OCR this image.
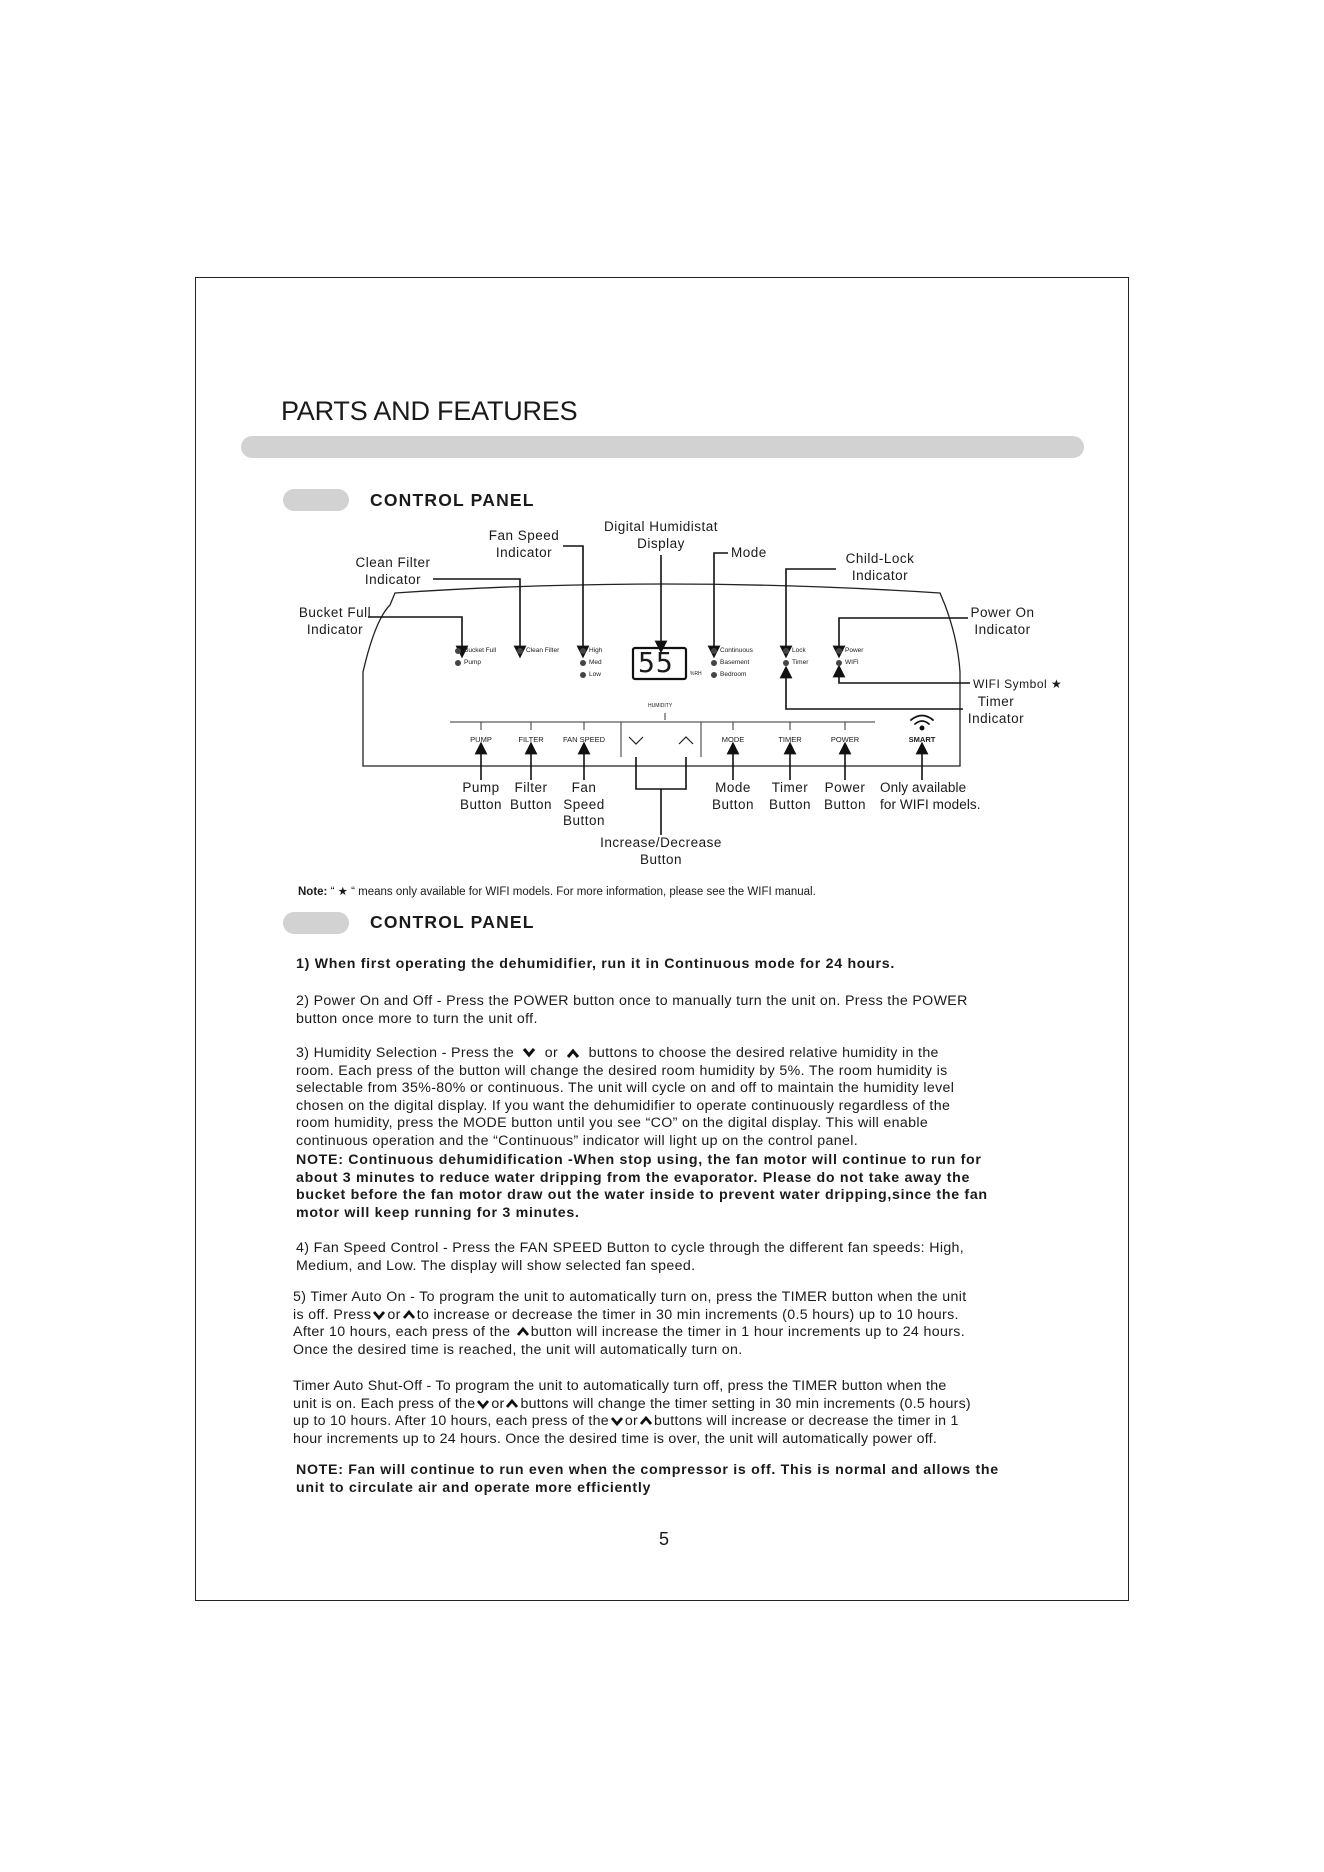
PARTS AND FEATURES
CONTROL PANEL
55	%RH
HUMIDITY
Bucket Full
Pump
Clean Filter	High
Med
Low
Continuous
Basement
Bedroom
Lock
Timer
Power
WIFI
PUMP	FILTER	FAN SPEED	MODE	TIMER	POWER	SMART
Bucket Full
Indicator
Clean Filter
Indicator
Fan Speed
Indicator
Digital Humidistat
Display
Mode	Child-Lock
Indicator
Power On
Indicator
WIFI Symbol ★
Timer
Indicator
Pump
Button
Filter
Button
Fan
Speed
Button
Mode
Button
Timer
Button
Power
Button
Only available
for WIFI models.
Increase/Decrease
Button
Note: “ ★ “ means only available for WIFI models. For more information, please see the WIFI manual.
CONTROL PANEL
1) When first operating the dehumidifier, run it in Continuous mode for 24 hours.
2) Power On and Off - Press the POWER button once to manually turn the unit on. Press the POWER
button once more to turn the unit off.
3) Humidity Selection - Press the or buttons to choose the desired relative humidity in the
room. Each press of the button will change the desired room humidity by 5%. The room humidity is
selectable from 35%-80% or continuous. The unit will cycle on and off to maintain the humidity level
chosen on the digital display. If you want the dehumidifier to operate continuously regardless of the
room humidity, press the MODE button until you see “CO” on the digital display. This will enable
continuous operation and the “Continuous” indicator will light up on the control panel.
NOTE: Continuous dehumidification -When stop using, the fan motor will continue to run for
about 3 minutes to reduce water dripping from the evaporator. Please do not take away the
bucket before the fan motor draw out the water inside to prevent water dripping,since the fan
motor will keep running for 3 minutes.
4) Fan Speed Control - Press the FAN SPEED Button to cycle through the different fan speeds: High,
Medium, and Low. The display will show selected fan speed.
5) Timer Auto On - To program the unit to automatically turn on, press the TIMER button when the unit
is off. Press or to increase or decrease the timer in 30 min increments (0.5 hours) up to 10 hours.
After 10 hours, each press of the button will increase the timer in 1 hour increments up to 24 hours.
Once the desired time is reached, the unit will automatically turn on.
Timer Auto Shut-Off - To program the unit to automatically turn off, press the TIMER button when the
unit is on. Each press of the or buttons will change the timer setting in 30 min increments (0.5 hours)
up to 10 hours. After 10 hours, each press of the or buttons will increase or decrease the timer in 1
hour increments up to 24 hours. Once the desired time is over, the unit will automatically power off.
NOTE: Fan will continue to run even when the compressor is off. This is normal and allows the
unit to circulate air and operate more efficiently
5
